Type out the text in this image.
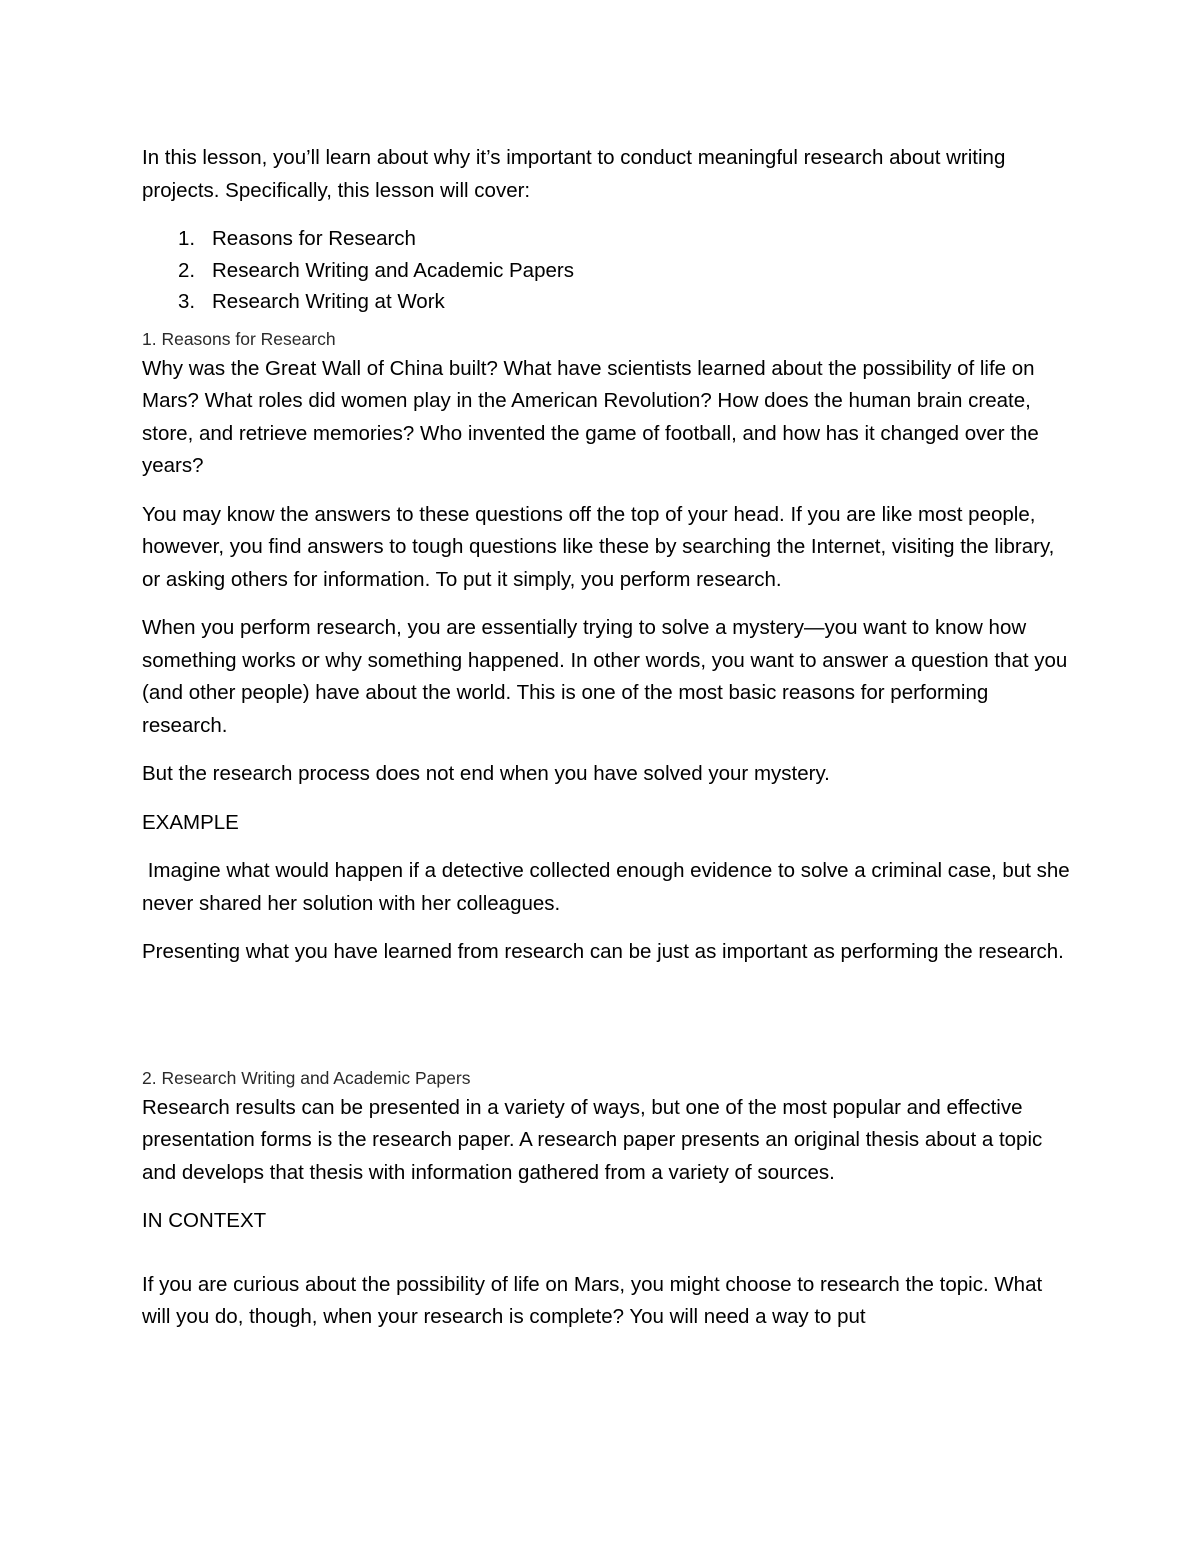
In this lesson, you’ll learn about why it’s important to conduct meaningful research about writing projects. Specifically, this lesson will cover:

1. Reasons for Research
2. Research Writing and Academic Papers
3. Research Writing at Work
1. Reasons for Research

Why was the Great Wall of China built? What have scientists learned about the possibility of life on Mars? What roles did women play in the American Revolution? How does the human brain create, store, and retrieve memories? Who invented the game of football, and how has it changed over the years?

You may know the answers to these questions off the top of your head. If you are like most people, however, you find answers to tough questions like these by searching the Internet, visiting the library, or asking others for information. To put it simply, you perform research.

When you perform research, you are essentially trying to solve a mystery—you want to know how something works or why something happened. In other words, you want to answer a question that you (and other people) have about the world. This is one of the most basic reasons for performing research.

But the research process does not end when you have solved your mystery.

EXAMPLE

Imagine what would happen if a detective collected enough evidence to solve a criminal case, but she never shared her solution with her colleagues.

Presenting what you have learned from research can be just as important as performing the research.

2. Research Writing and Academic Papers

Research results can be presented in a variety of ways, but one of the most popular and effective presentation forms is the research paper. A research paper presents an original thesis about a topic and develops that thesis with information gathered from a variety of sources.

IN CONTEXT

If you are curious about the possibility of life on Mars, you might choose to research the topic. What will you do, though, when your research is complete? You will need a way to put
